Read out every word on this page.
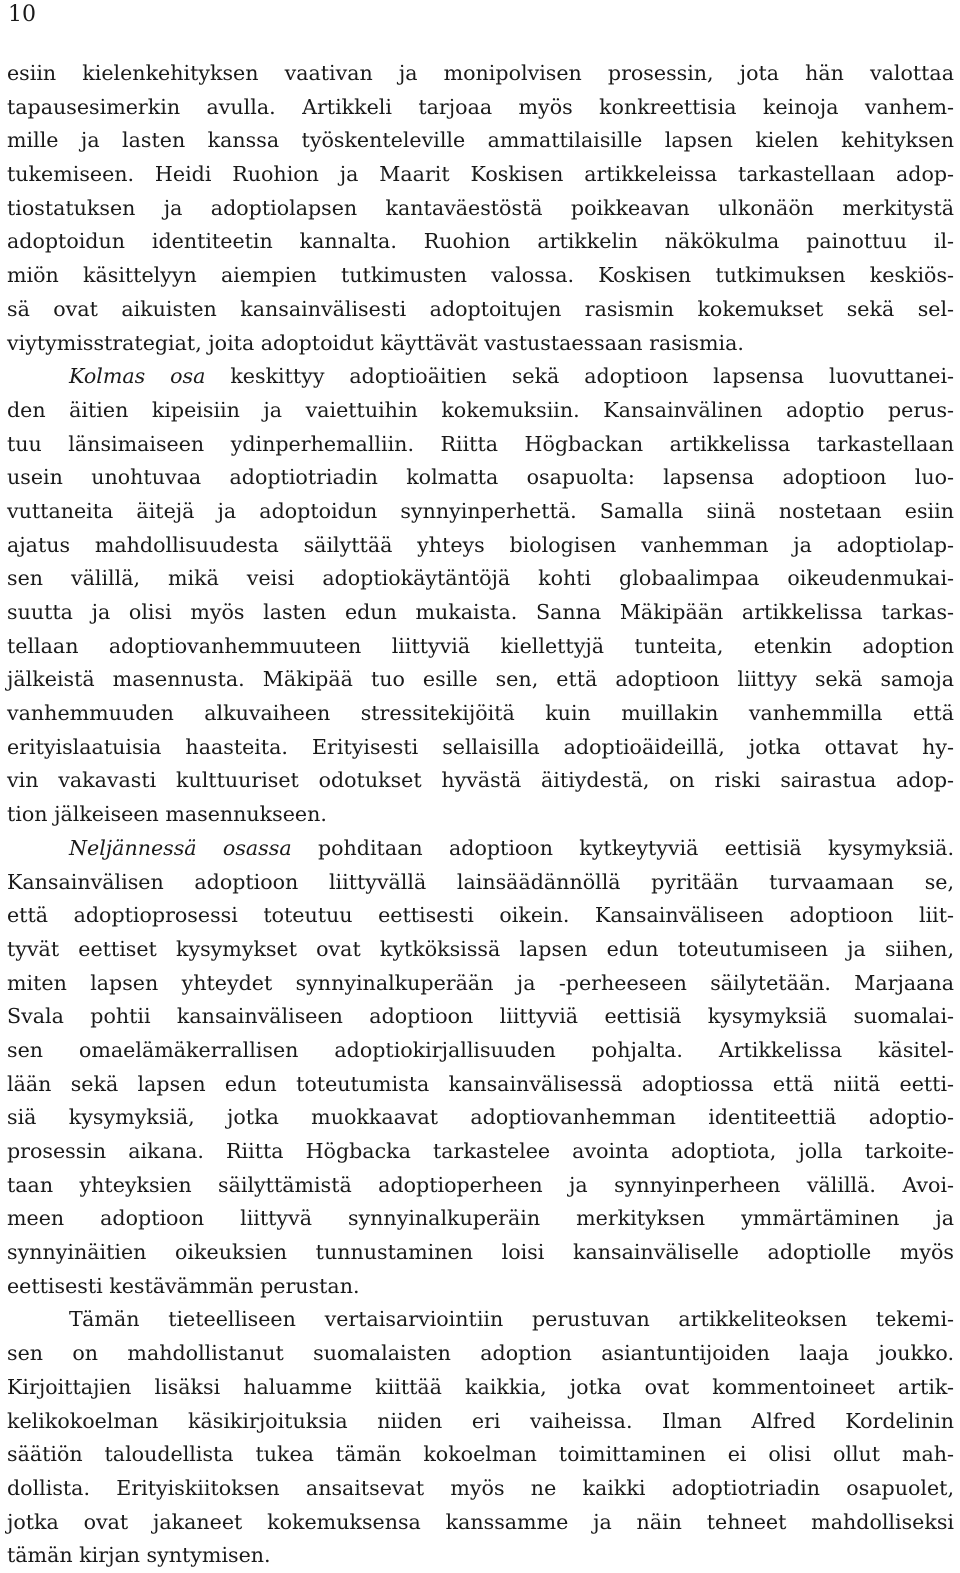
10
esiin kielenkehityksen vaativan ja monipolvisen prosessin, jota hän valottaa
tapausesimerkin avulla. Artikkeli tarjoaa myös konkreettisia keinoja vanhem-
mille ja lasten kanssa työskenteleville ammattilaisille lapsen kielen kehityksen
tukemiseen. Heidi Ruohion ja Maarit Koskisen artikkeleissa tarkastellaan adop-
tiostatuksen ja adoptiolapsen kantaväestöstä poikkeavan ulkonäön merkitystä
adoptoidun identiteetin kannalta. Ruohion artikkelin näkökulma painottuu il-
miön käsittelyyn aiempien tutkimusten valossa. Koskisen tutkimuksen keskiös-
sä ovat aikuisten kansainvälisesti adoptoitujen rasismin kokemukset sekä sel-
viytymisstrategiat, joita adoptoidut käyttävät vastustaessaan rasismia.
Kolmas osa keskittyy adoptioäitien sekä adoptioon lapsensa luovuttanei-
den äitien kipeisiin ja vaiettuihin kokemuksiin. Kansainvälinen adoptio perus-
tuu länsimaiseen ydinperhemalliin. Riitta Högbackan artikkelissa tarkastellaan
usein unohtuvaa adoptiotriadin kolmatta osapuolta: lapsensa adoptioon luo-
vuttaneita äitejä ja adoptoidun synnyinperhettä. Samalla siinä nostetaan esiin
ajatus mahdollisuudesta säilyttää yhteys biologisen vanhemman ja adoptiolap-
sen välillä, mikä veisi adoptiokäytäntöjä kohti globaalimpaa oikeudenmukai-
suutta ja olisi myös lasten edun mukaista. Sanna Mäkipään artikkelissa tarkas-
tellaan adoptiovanhemmuuteen liittyviä kiellettyjä tunteita, etenkin adoption
jälkeistä masennusta. Mäkipää tuo esille sen, että adoptioon liittyy sekä samoja
vanhemmuuden alkuvaiheen stressitekijöitä kuin muillakin vanhemmilla että
erityislaatuisia haasteita. Erityisesti sellaisilla adoptioäideillä, jotka ottavat hy-
vin vakavasti kulttuuriset odotukset hyvästä äitiydestä, on riski sairastua adop-
tion jälkeiseen masennukseen.
Neljännessä osassa pohditaan adoptioon kytkeytyviä eettisiä kysymyksiä.
Kansainvälisen adoptioon liittyvällä lainsäädännöllä pyritään turvaamaan se,
että adoptioprosessi toteutuu eettisesti oikein. Kansainväliseen adoptioon liit-
tyvät eettiset kysymykset ovat kytköksissä lapsen edun toteutumiseen ja siihen,
miten lapsen yhteydet synnyinalkuperään ja -perheeseen säilytetään. Marjaana
Svala pohtii kansainväliseen adoptioon liittyviä eettisiä kysymyksiä suomalai-
sen omaelämäkerrallisen adoptiokirjallisuuden pohjalta. Artikkelissa käsitel-
lään sekä lapsen edun toteutumista kansainvälisessä adoptiossa että niitä eetti-
siä kysymyksiä, jotka muokkaavat adoptiovanhemman identiteettiä adoptio-
prosessin aikana. Riitta Högbacka tarkastelee avointa adoptiota, jolla tarkoite-
taan yhteyksien säilyttämistä adoptioperheen ja synnyinperheen välillä. Avoi-
meen adoptioon liittyvä synnyinalkuperäin merkityksen ymmärtäminen ja
synnyinäitien oikeuksien tunnustaminen loisi kansainväliselle adoptiolle myös
eettisesti kestävämmän perustan.
Tämän tieteelliseen vertaisarviointiin perustuvan artikkeliteoksen tekemi-
sen on mahdollistanut suomalaisten adoption asiantuntijoiden laaja joukko.
Kirjoittajien lisäksi haluamme kiittää kaikkia, jotka ovat kommentoineet artik-
kelikokoelman käsikirjoituksia niiden eri vaiheissa. Ilman Alfred Kordelinin
säätiön taloudellista tukea tämän kokoelman toimittaminen ei olisi ollut mah-
dollista. Erityiskiitoksen ansaitsevat myös ne kaikki adoptiotriadin osapuolet,
jotka ovat jakaneet kokemuksensa kanssamme ja näin tehneet mahdolliseksi
tämän kirjan syntymisen.
